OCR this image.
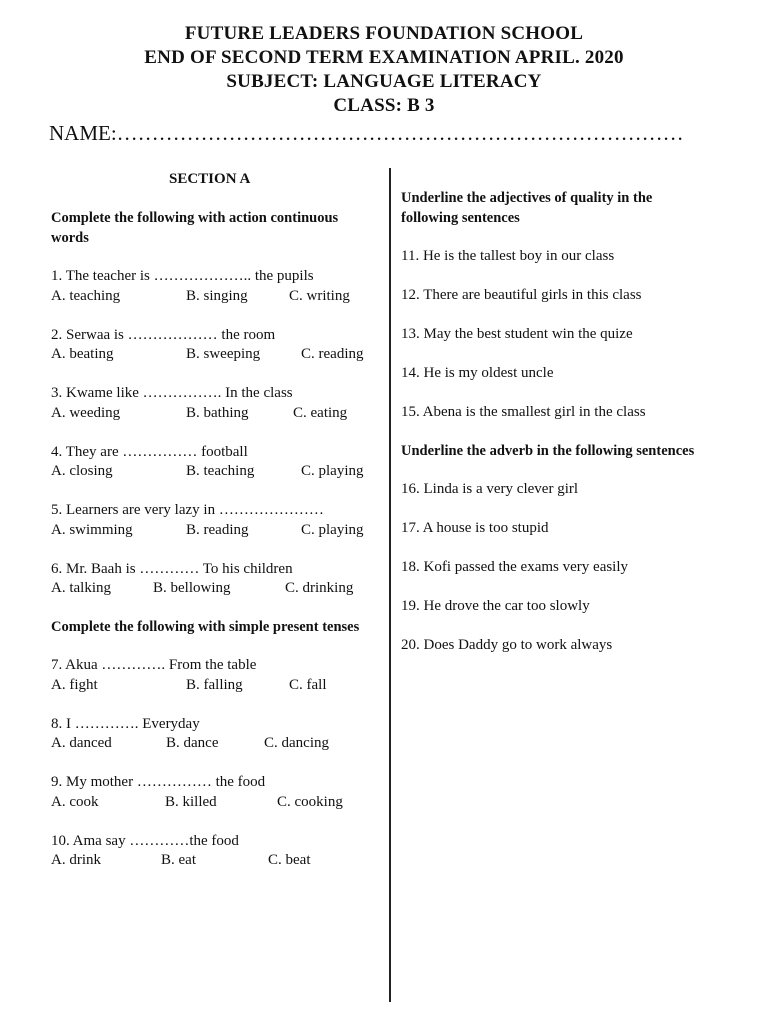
FUTURE LEADERS FOUNDATION SCHOOL
END OF SECOND TERM EXAMINATION APRIL. 2020
SUBJECT: LANGUAGE LITERACY
CLASS: B 3
NAME:………………………………………………………………………
SECTION A
Complete the following with action continuous words
1. The teacher is ……………….. the pupils
A. teaching	B. singing	C. writing
2. Serwaa is ……………… the room
A. beating	B. sweeping	C. reading
3. Kwame like ……………. In the class
A. weeding	B. bathing	C. eating
4. They are …………… football
A. closing	B. teaching	C. playing
5. Learners are very lazy in …………………
A. swimming	B. reading	C. playing
6. Mr. Baah is ………… To his children
A. talking	B. bellowing	C. drinking
Complete the following with simple present tenses
7. Akua …………. From the table
A. fight	B. falling	C. fall
8. I …………. Everyday
A. danced	B. dance	C. dancing
9. My mother …………… the food
A. cook	B. killed	C. cooking
10. Ama say …………the food
A. drink	B. eat	C. beat
Underline the adjectives of quality in the following sentences
11. He is the tallest boy in our class
12. There are beautiful girls in this class
13. May the best student win the quize
14. He is my oldest uncle
15. Abena is the smallest girl in the class
Underline the adverb in the following sentences
16. Linda is a very clever girl
17. A house is too stupid
18. Kofi passed the exams very easily
19. He drove the car too slowly
20. Does Daddy go to work always
